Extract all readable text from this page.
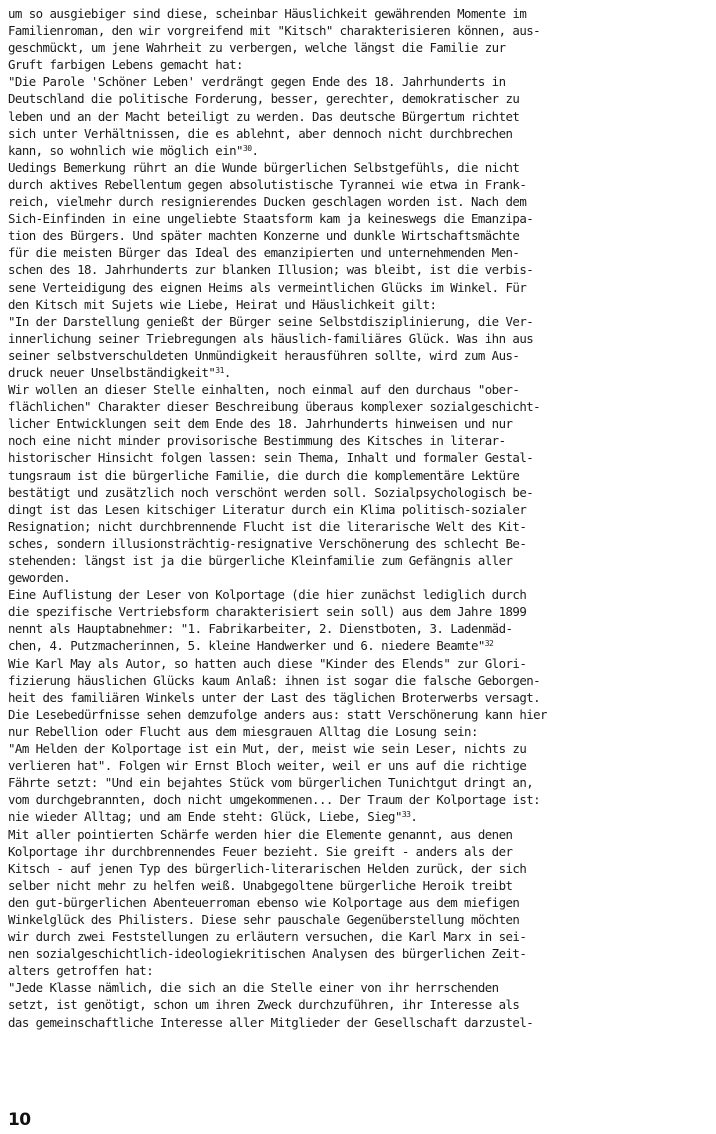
um so ausgiebiger sind diese, scheinbar Häuslichkeit gewährenden Momente im
Familienroman, den wir vorgreifend mit "Kitsch" charakterisieren können, aus-
geschmückt, um jene Wahrheit zu verbergen, welche längst die Familie zur
Gruft farbigen Lebens gemacht hat:
"Die Parole 'Schöner Leben' verdrängt gegen Ende des 18. Jahrhunderts in
Deutschland die politische Forderung, besser, gerechter, demokratischer zu
leben und an der Macht beteiligt zu werden. Das deutsche Bürgertum richtet
sich unter Verhältnissen, die es ablehnt, aber dennoch nicht durchbrechen
kann, so wohnlich wie möglich ein"$^{30}$.
Uedings Bemerkung rührt an die Wunde bürgerlichen Selbstgefühls, die nicht
durch aktives Rebellentum gegen absolutistische Tyrannei wie etwa in Frank-
reich, vielmehr durch resignierendes Ducken geschlagen worden ist. Nach dem
Sich-Einfinden in eine ungeliebte Staatsform kam ja keineswegs die Emanzipa-
tion des Bürgers. Und später machten Konzerne und dunkle Wirtschaftsmächte
für die meisten Bürger das Ideal des emanzipierten und unternehmenden Men-
schen des 18. Jahrhunderts zur blanken Illusion; was bleibt, ist die verbis-
sene Verteidigung des eignen Heims als vermeintlichen Glücks im Winkel. Für
den Kitsch mit Sujets wie Liebe, Heirat und Häuslichkeit gilt:
"In der Darstellung genießt der Bürger seine Selbstdisziplinierung, die Ver-
innerlichung seiner Triebregungen als häuslich-familiäres Glück. Was ihn aus
seiner selbstverschuldeten Unmündigkeit herausführen sollte, wird zum Aus-
druck neuer Unselbständigkeit"$^{31}$.
Wir wollen an dieser Stelle einhalten, noch einmal auf den durchaus "ober-
flächlichen" Charakter dieser Beschreibung überaus komplexer sozialgeschicht-
licher Entwicklungen seit dem Ende des 18. Jahrhunderts hinweisen und nur
noch eine nicht minder provisorische Bestimmung des Kitsches in literar-
historischer Hinsicht folgen lassen: sein Thema, Inhalt und formaler Gestal-
tungsraum ist die bürgerliche Familie, die durch die komplementäre Lektüre
bestätigt und zusätzlich noch verschönt werden soll. Sozialpsychologisch be-
dingt ist das Lesen kitschiger Literatur durch ein Klima politisch-sozialer
Resignation; nicht durchbrennende Flucht ist die literarische Welt des Kit-
sches, sondern illusionsträchtig-resignative Verschönerung des schlecht Be-
stehenden: längst ist ja die bürgerliche Kleinfamilie zum Gefängnis aller
geworden.
Eine Auflistung der Leser von Kolportage (die hier zunächst lediglich durch
die spezifische Vertriebsform charakterisiert sein soll) aus dem Jahre 1899
nennt als Hauptabnehmer: "1. Fabrikarbeiter, 2. Dienstboten, 3. Ladenmäd-
chen, 4. Putzmacherinnen, 5. kleine Handwerker und 6. niedere Beamte"$^{32}$
Wie Karl May als Autor, so hatten auch diese "Kinder des Elends" zur Glori-
fizierung häuslichen Glücks kaum Anlaß: ihnen ist sogar die falsche Geborgen-
heit des familiären Winkels unter der Last des täglichen Broterwerbs versagt.
Die Lesebedürfnisse sehen demzufolge anders aus: statt Verschönerung kann hier
nur Rebellion oder Flucht aus dem miesgrauen Alltag die Losung sein:
"Am Helden der Kolportage ist ein Mut, der, meist wie sein Leser, nichts zu
verlieren hat". Folgen wir Ernst Bloch weiter, weil er uns auf die richtige
Fährte setzt: "Und ein bejahtes Stück vom bürgerlichen Tunichtgut dringt an,
vom durchgebrannten, doch nicht umgekommenen... Der Traum der Kolportage ist:
nie wieder Alltag; und am Ende steht: Glück, Liebe, Sieg"$^{33}$.
Mit aller pointierten Schärfe werden hier die Elemente genannt, aus denen
Kolportage ihr durchbrennendes Feuer bezieht. Sie greift - anders als der
Kitsch - auf jenen Typ des bürgerlich-literarischen Helden zurück, der sich
selber nicht mehr zu helfen weiß. Unabgegoltene bürgerliche Heroik treibt
den gut-bürgerlichen Abenteuerroman ebenso wie Kolportage aus dem miefigen
Winkelglück des Philisters. Diese sehr pauschale Gegenüberstellung möchten
wir durch zwei Feststellungen zu erläutern versuchen, die Karl Marx in sei-
nen sozialgeschichtlich-ideologiekritischen Analysen des bürgerlichen Zeit-
alters getroffen hat:
"Jede Klasse nämlich, die sich an die Stelle einer von ihr herrschenden
setzt, ist genötigt, schon um ihren Zweck durchzuführen, ihr Interesse als
das gemeinschaftliche Interesse aller Mitglieder der Gesellschaft darzustel-
10
